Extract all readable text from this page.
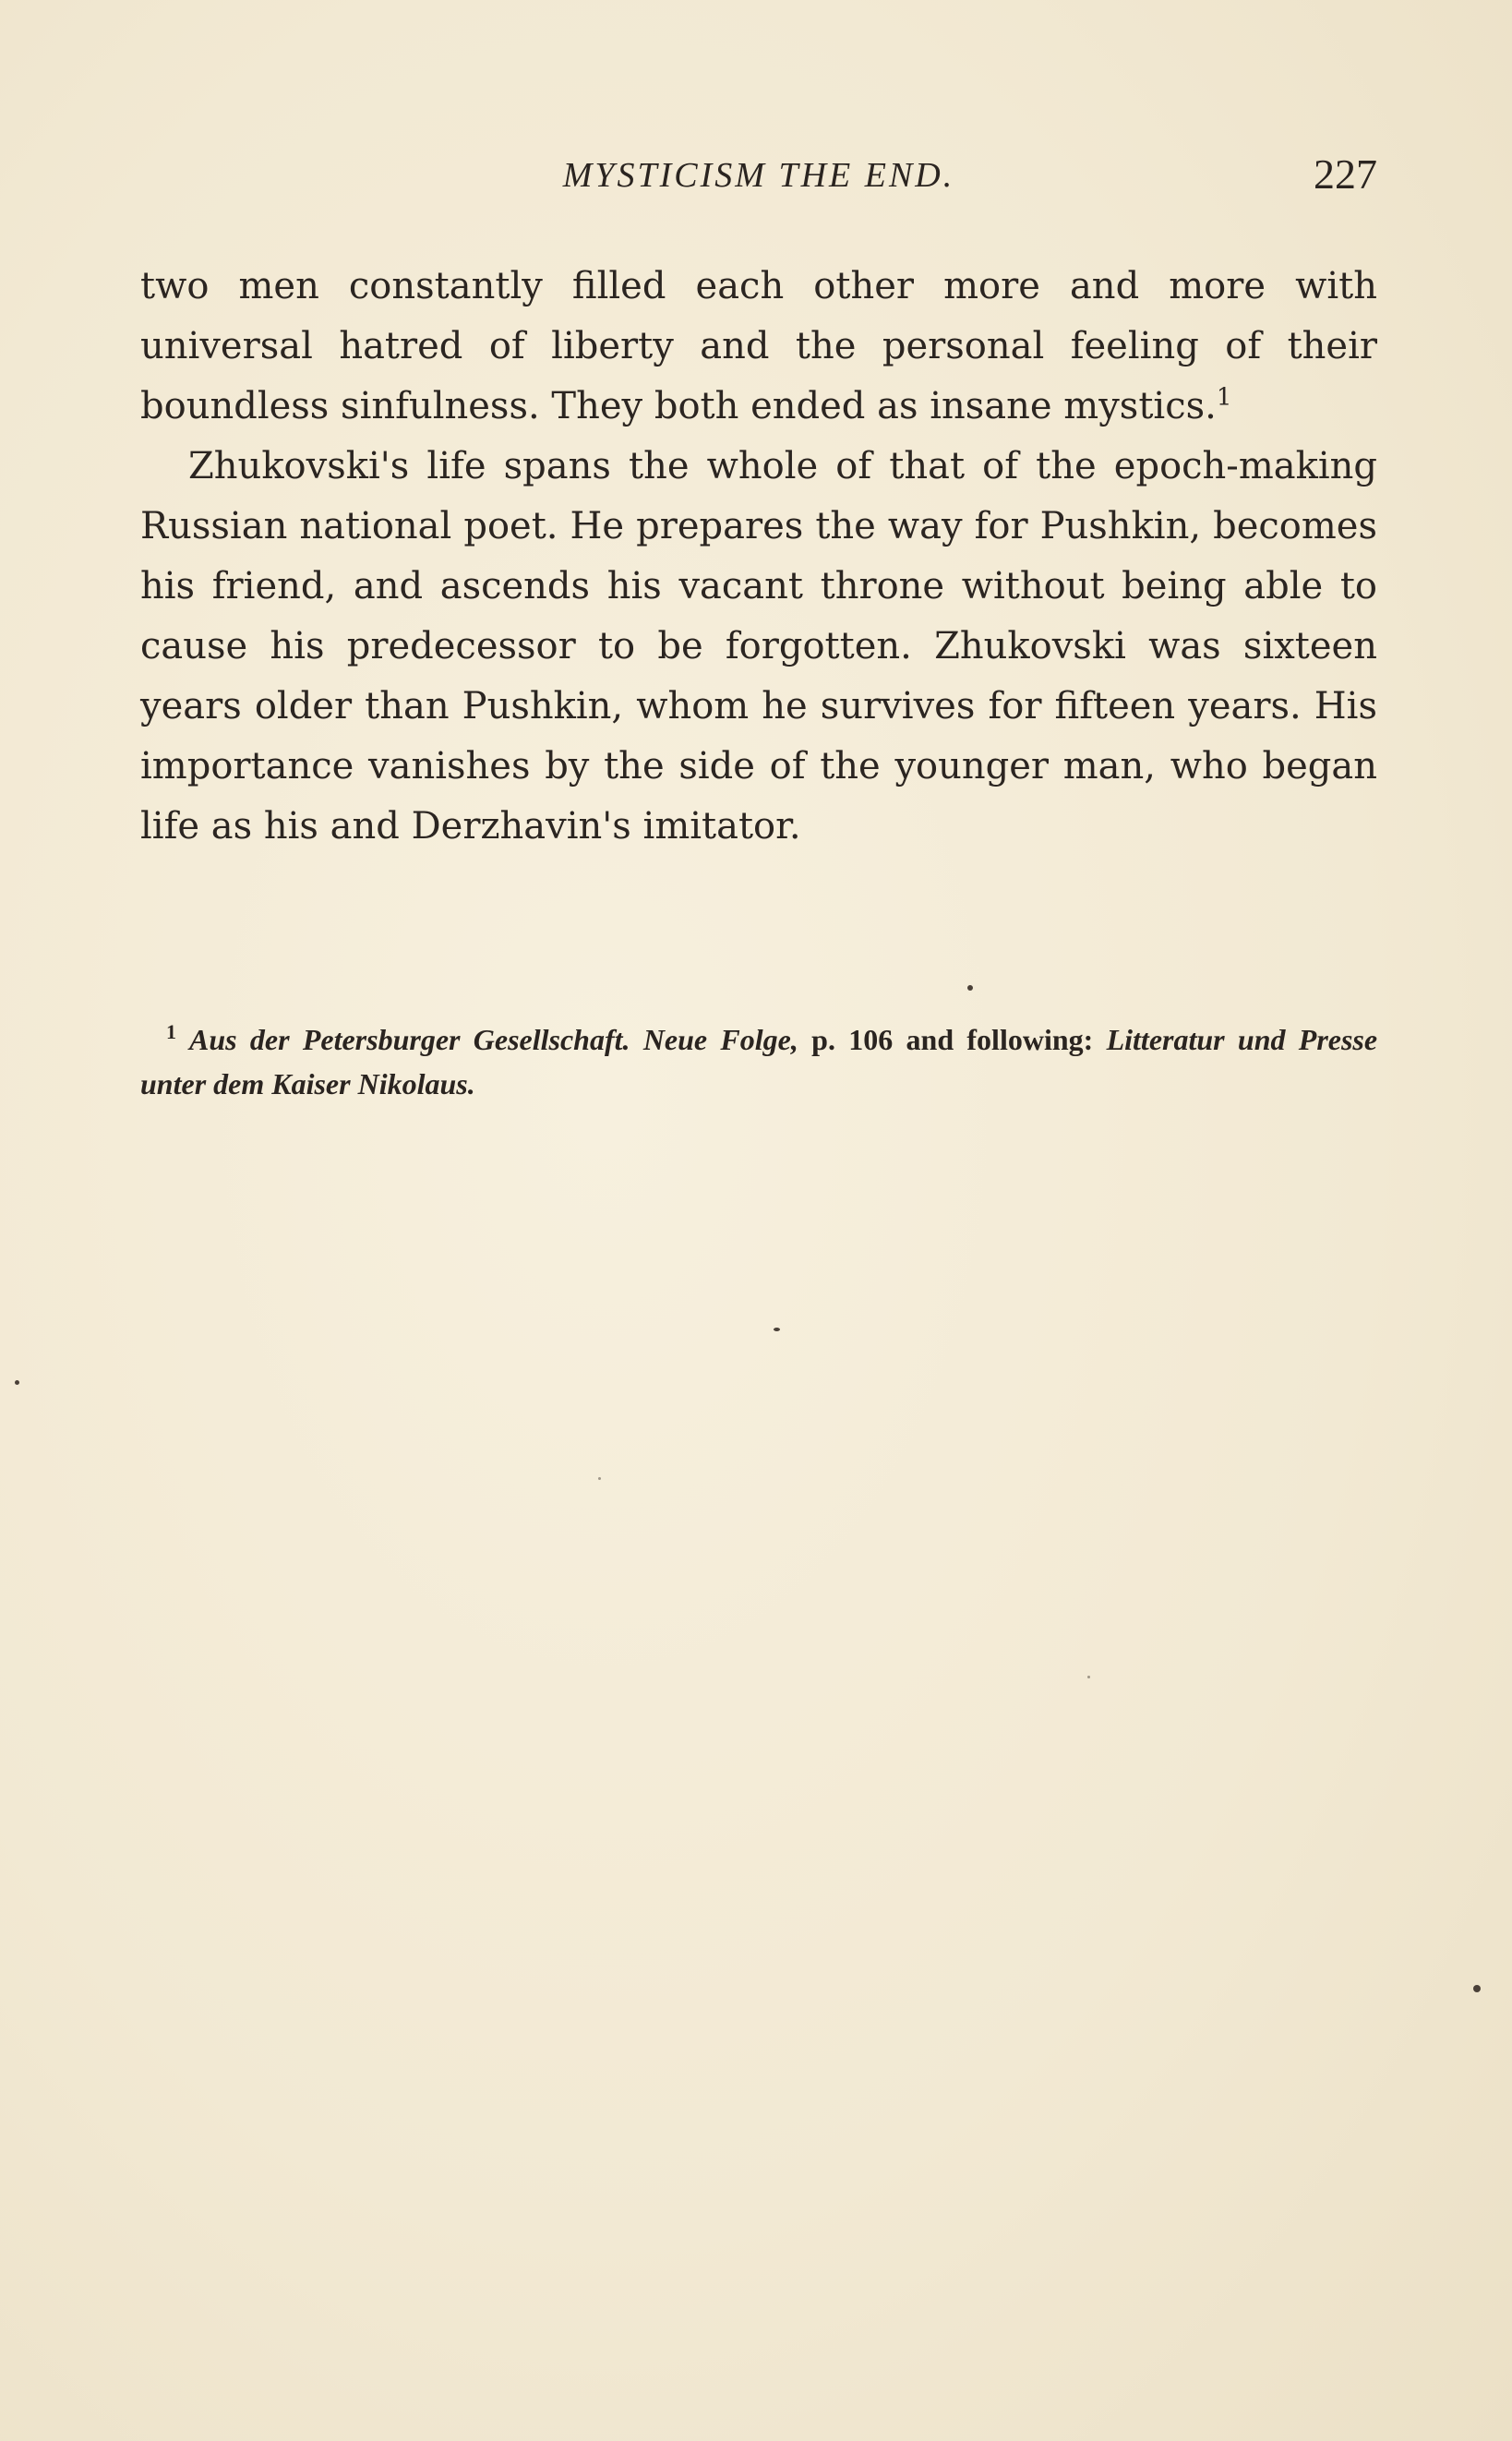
MYSTICISM THE END.	227

two men constantly filled each other more and more with universal hatred of liberty and the personal feeling of their boundless sinfulness. They both ended as insane mystics.$^1$

Zhukovski's life spans the whole of that of the epoch-making Russian national poet. He prepares the way for Pushkin, becomes his friend, and ascends his vacant throne without being able to cause his predecessor to be forgotten. Zhukovski was sixteen years older than Pushkin, whom he survives for fifteen years. His importance vanishes by the side of the younger man, who began life as his and Derzhavin's imitator.

$^1$ Aus der Petersburger Gesellschaft. Neue Folge, p. 106 and following: Litteratur und Presse unter dem Kaiser Nikolaus.
